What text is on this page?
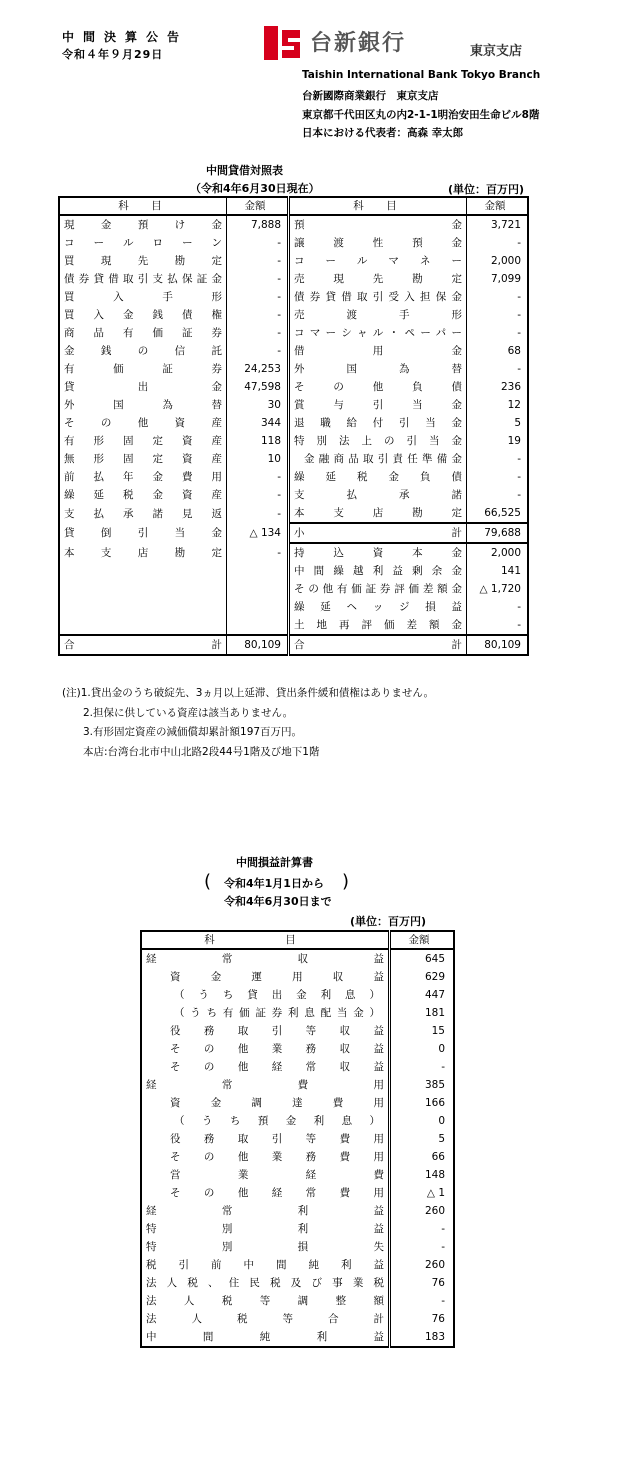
中間決算公告
令和４年９月29日	台新銀行	東京支店
Taishin International Bank Tokyo Branch
台新國際商業銀行　東京支店
東京都千代田区丸の内2-1-1明治安田生命ビル8階
日本における代表者：高森 幸太郎
中間貸借対照表
（令和4年6月30日現在）	(単位：百万円)
科　目	金額	科　目	金額
現金預け金	7,888	預金	3,721
コールローン	-	譲渡性預金	-
買現先勘定	-	コールマネー	2,000
債券貸借取引支払保証金	-	売現先勘定	7,099
買入手形	-	債券貸借取引受入担保金	-
買入金銭債権	-	売渡手形	-
商品有価証券	-	コマーシャル・ペーパー	-
金銭の信託	-	借用金	68
有価証券	24,253	外国為替	-
貸出金	47,598	その他負債	236
外国為替	30	賞与引当金	12
その他資産	344	退職給付引当金	5
有形固定資産	118	特別法上の引当金	19
無形固定資産	10	金融商品取引責任準備金	-
前払年金費用	-	繰延税金負債	-
繰延税金資産	-	支払承諾	-
支払承諾見返	-	本支店勘定	66,525
貸倒引当金	△ 134	小計	79,688
本支店勘定	-	持込資本金	2,000
		中間繰越利益剰余金	141
		その他有価証券評価差額金	△ 1,720
		繰延ヘッジ損益	-
		土地再評価差額金	-
合計	80,109	合計	80,109
(注)1.貸出金のうち破綻先、3ヵ月以上延滞、貸出条件緩和債権はありません。
　　2.担保に供している資産は該当ありません。
　　3.有形固定資産の減価償却累計額197百万円。
　　本店:台湾台北市中山北路2段44号1階及び地下1階
中間損益計算書
( 令和4年1月1日から
令和4年6月30日まで
)
(単位：百万円)
科　目	金額
経常収益	645
資金運用収益	629
（うち貸出金利息）	447
（うち有価証券利息配当金）	181
役務取引等収益	15
その他業務収益	0
その他経常収益	-
経常費用	385
資金調達費用	166
（うち預金利息）	0
役務取引等費用	5
その他業務費用	66
営業経費	148
その他経常費用	△ 1
経常利益	260
特別利益	-
特別損失	-
税引前中間純利益	260
法人税、住民税及び事業税	76
法人税等調整額	-
法人税等合計	76
中間純利益	183
